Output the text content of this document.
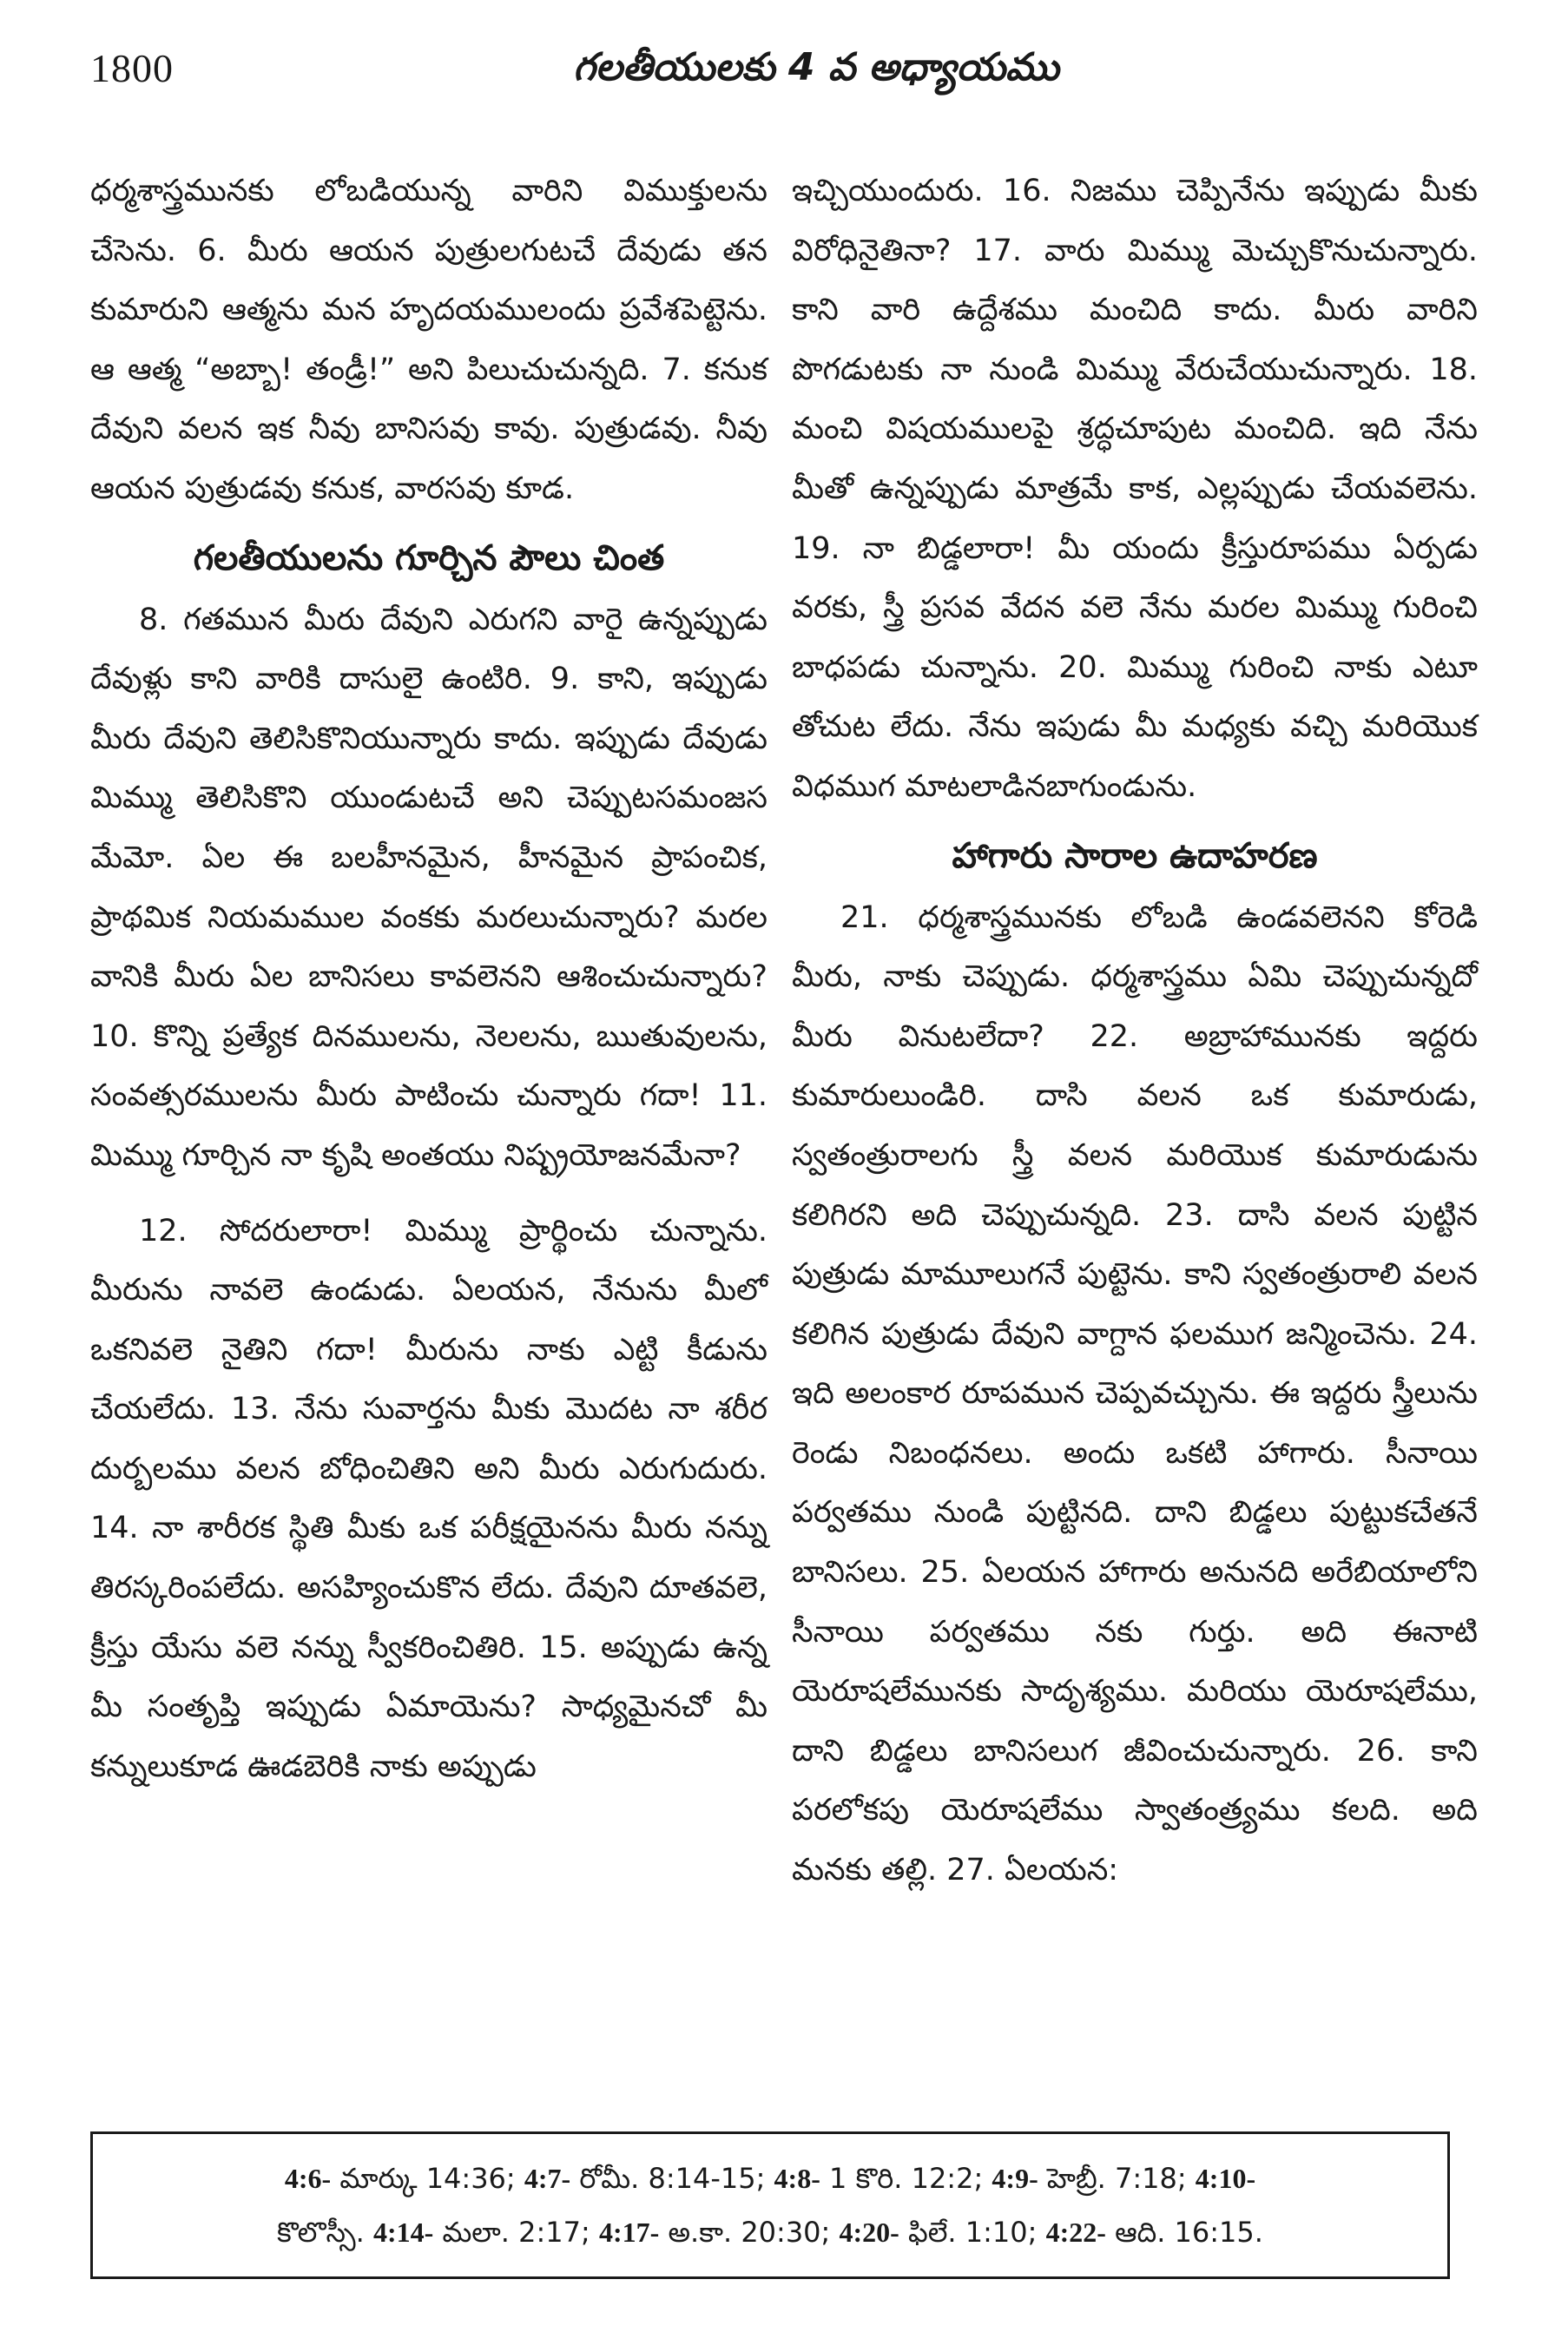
1800	గలతీయులకు 4 వ అధ్యాయము

ధర్మశాస్త్రమునకు లోబడియున్న వారిని విముక్తులను చేసెను. 6. మీరు ఆయన పుత్రులగుటచే దేవుడు తన కుమారుని ఆత్మను మన హృదయములందు ప్రవేశపెట్టెను. ఆ ఆత్మ “అబ్బా! తండ్రీ!” అని పిలుచుచున్నది. 7. కనుక దేవుని వలన ఇక నీవు బానిసవు కావు. పుత్రుడవు. నీవు ఆయన పుత్రుడవు కనుక, వారసవు కూడ.

గలతీయులను గూర్చిన పౌలు చింత

8. గతమున మీరు దేవుని ఎరుగని వారై ఉన్నప్పుడు దేవుళ్లు కాని వారికి దాసులై ఉంటిరి. 9. కాని, ఇప్పుడు మీరు దేవుని తెలిసికొనియున్నారు కాదు. ఇప్పుడు దేవుడు మిమ్ము తెలిసికొని యుండుటచే అని చెప్పుటసమంజస మేమో. ఏల ఈ బలహీనమైన, హీనమైన ప్రాపంచిక, ప్రాథమిక నియమముల వంకకు మరలుచున్నారు? మరల వానికి మీరు ఏల బానిసలు కావలెనని ఆశించుచున్నారు? 10. కొన్ని ప్రత్యేక దినములను, నెలలను, ఋతువులను, సంవత్సరములను మీరు పాటించు చున్నారు గదా! 11. మిమ్ము గూర్చిన నా కృషి అంతయు నిష్ప్రయోజనమేనా?

12. సోదరులారా! మిమ్ము ప్రార్థించు చున్నాను. మీరును నావలె ఉండుడు. ఏలయన, నేనును మీలో ఒకనివలె నైతిని గదా! మీరును నాకు ఎట్టి కీడును చేయలేదు. 13. నేను సువార్తను మీకు మొదట నా శరీర దుర్బలము వలన బోధించితిని అని మీరు ఎరుగుదురు. 14. నా శారీరక స్థితి మీకు ఒక పరీక్షయైనను మీరు నన్ను తిరస్కరింపలేదు. అసహ్యించుకొన లేదు. దేవుని దూతవలె, క్రీస్తు యేసు వలె నన్ను స్వీకరించితిరి. 15. అప్పుడు ఉన్న మీ సంతృప్తి ఇప్పుడు ఏమాయెను? సాధ్యమైనచో మీ కన్నులుకూడ ఊడబెరికి నాకు అప్పుడు

ఇచ్చియుందురు. 16. నిజము చెప్పినేను ఇప్పుడు మీకు విరోధినైతినా? 17. వారు మిమ్ము మెచ్చుకొనుచున్నారు. కాని వారి ఉద్దేశము మంచిది కాదు. మీరు వారిని పొగడుటకు నా నుండి మిమ్ము వేరుచేయుచున్నారు. 18. మంచి విషయములపై శ్రద్ధచూపుట మంచిది. ఇది నేను మీతో ఉన్నప్పుడు మాత్రమే కాక, ఎల్లప్పుడు చేయవలెను. 19. నా బిడ్డలారా! మీ యందు క్రీస్తురూపము ఏర్పడు వరకు, స్త్రీ ప్రసవ వేదన వలె నేను మరల మిమ్ము గురించి బాధపడు చున్నాను. 20. మిమ్ము గురించి నాకు ఎటూ తోచుట లేదు. నేను ఇపుడు మీ మధ్యకు వచ్చి మరియొక విధముగ మాటలాడినబాగుండును.

హాగారు సారాల ఉదాహరణ

21. ధర్మశాస్త్రమునకు లోబడి ఉండవలెనని కోరెడి మీరు, నాకు చెప్పుడు. ధర్మశాస్త్రము ఏమి చెప్పుచున్నదో మీరు వినుటలేదా? 22. అబ్రాహామునకు ఇద్దరు కుమారులుండిరి. దాసి వలన ఒక కుమారుడు, స్వతంత్రురాలగు స్త్రీ వలన మరియొక కుమారుడును కలిగిరని అది చెప్పుచున్నది. 23. దాసి వలన పుట్టిన పుత్రుడు మామూలుగనే పుట్టెను. కాని స్వతంత్రురాలి వలన కలిగిన పుత్రుడు దేవుని వాగ్దాన ఫలముగ జన్మించెను. 24. ఇది అలంకార రూపమున చెప్పవచ్చును. ఈ ఇద్దరు స్త్రీలును రెండు నిబంధనలు. అందు ఒకటి హాగారు. సీనాయి పర్వతము నుండి పుట్టినది. దాని బిడ్డలు పుట్టుకచేతనే బానిసలు. 25. ఏలయన హాగారు అనునది అరేబియాలోని సీనాయి పర్వతము నకు గుర్తు. అది ఈనాటి యెరూషలేమునకు సాదృశ్యము. మరియు యెరూషలేము, దాని బిడ్డలు బానిసలుగ జీవించుచున్నారు. 26. కాని పరలోకపు యెరూషలేము స్వాతంత్ర్యము కలది. అది మనకు తల్లి. 27. ఏలయన:

4:6- మార్కు 14:36; 4:7- రోమీ. 8:14-15; 4:8- 1 కొరి. 12:2; 4:9- హెబ్రీ. 7:18; 4:10-
కొలొస్సీ. 4:14- మలా. 2:17; 4:17- అ.కా. 20:30; 4:20- ఫిలే. 1:10; 4:22- ఆది. 16:15.
